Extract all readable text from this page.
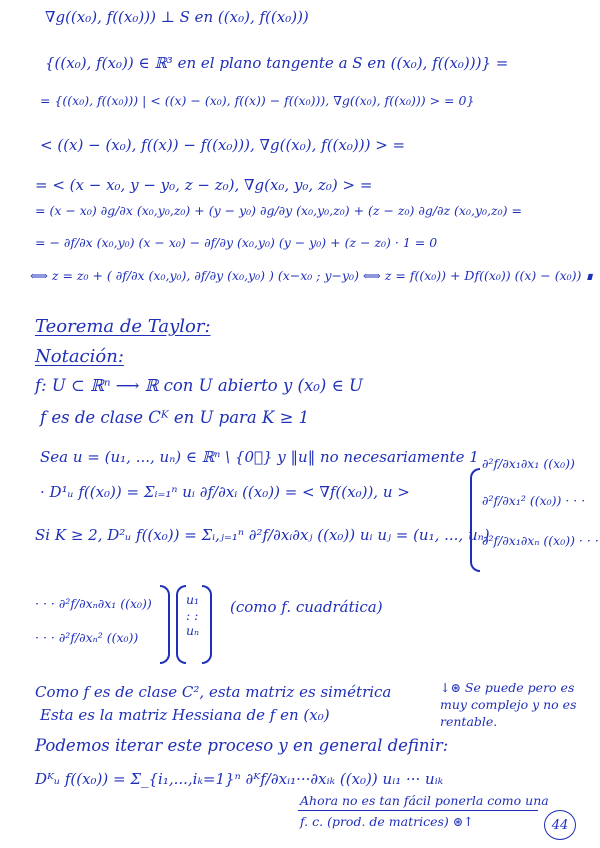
∇g((x₀), f((x₀))) ⊥ S en ((x₀), f((x₀)))
{((x₀), f(x₀)) ∈ ℝ³ en el plano tangente a S en ((x₀), f((x₀)))} =
= {((x₀), f((x₀))) | < ((x) − (x₀), f((x)) − f((x₀))), ∇g((x₀), f((x₀))) > = 0}
< ((x) − (x₀), f((x)) − f((x₀))), ∇g((x₀), f((x₀))) > =
= < (x − x₀, y − y₀, z − z₀), ∇g(x₀, y₀, z₀) > =
= (x − x₀) ∂g/∂x (x₀,y₀,z₀) + (y − y₀) ∂g/∂y (x₀,y₀,z₀) + (z − z₀) ∂g/∂z (x₀,y₀,z₀) =
= − ∂f/∂x (x₀,y₀) (x − x₀) − ∂f/∂y (x₀,y₀) (y − y₀) + (z − z₀) · 1 = 0
⟺ z = z₀ + ( ∂f/∂x (x₀,y₀), ∂f/∂y (x₀,y₀) ) (x−x₀ ; y−y₀) ⟺ z = f((x₀)) + Df((x₀)) ((x) − (x₀)) ∎
Teorema de Taylor:
Notación:
f: U ⊂ ℝⁿ ⟶ ℝ con U abierto y (x₀) ∈ U
f es de clase Cᴷ en U para K ≥ 1
Sea u = (u₁, ..., uₙ) ∈ ℝⁿ \ {0⃗} y ‖u‖ no necesariamente 1
· D¹ᵤ f((x₀)) = Σᵢ₌₁ⁿ uᵢ ∂f/∂xᵢ ((x₀)) = < ∇f((x₀)), u >
Si K ≥ 2, D²ᵤ f((x₀)) = Σᵢ,ⱼ₌₁ⁿ ∂²f/∂xᵢ∂xⱼ ((x₀)) uᵢ uⱼ = (u₁, ..., uₙ)
∂²f/∂x₁∂x₁ ((x₀))
∂²f/∂x₁² ((x₀)) · · ·
∂²f/∂x₁∂xₙ ((x₀)) · · ·
· · · ∂²f/∂xₙ∂x₁ ((x₀))
· · · ∂²f/∂xₙ² ((x₀))
u₁ : : uₙ
(como f. cuadrática)
Como f es de clase C², esta matriz es simétrica
Esta es la matriz Hessiana de f en (x₀)
↓⊛ Se puede pero es muy complejo y no es rentable.
Podemos iterar este proceso y en general definir:
Dᴷᵤ f((x₀)) = Σ_{i₁,...,iₖ=1}ⁿ ∂ᴷf/∂xᵢ₁···∂xᵢₖ ((x₀)) uᵢ₁ ··· uᵢₖ
Ahora no es tan fácil ponerla como una
f. c. (prod. de matrices) ⊛↑	44
